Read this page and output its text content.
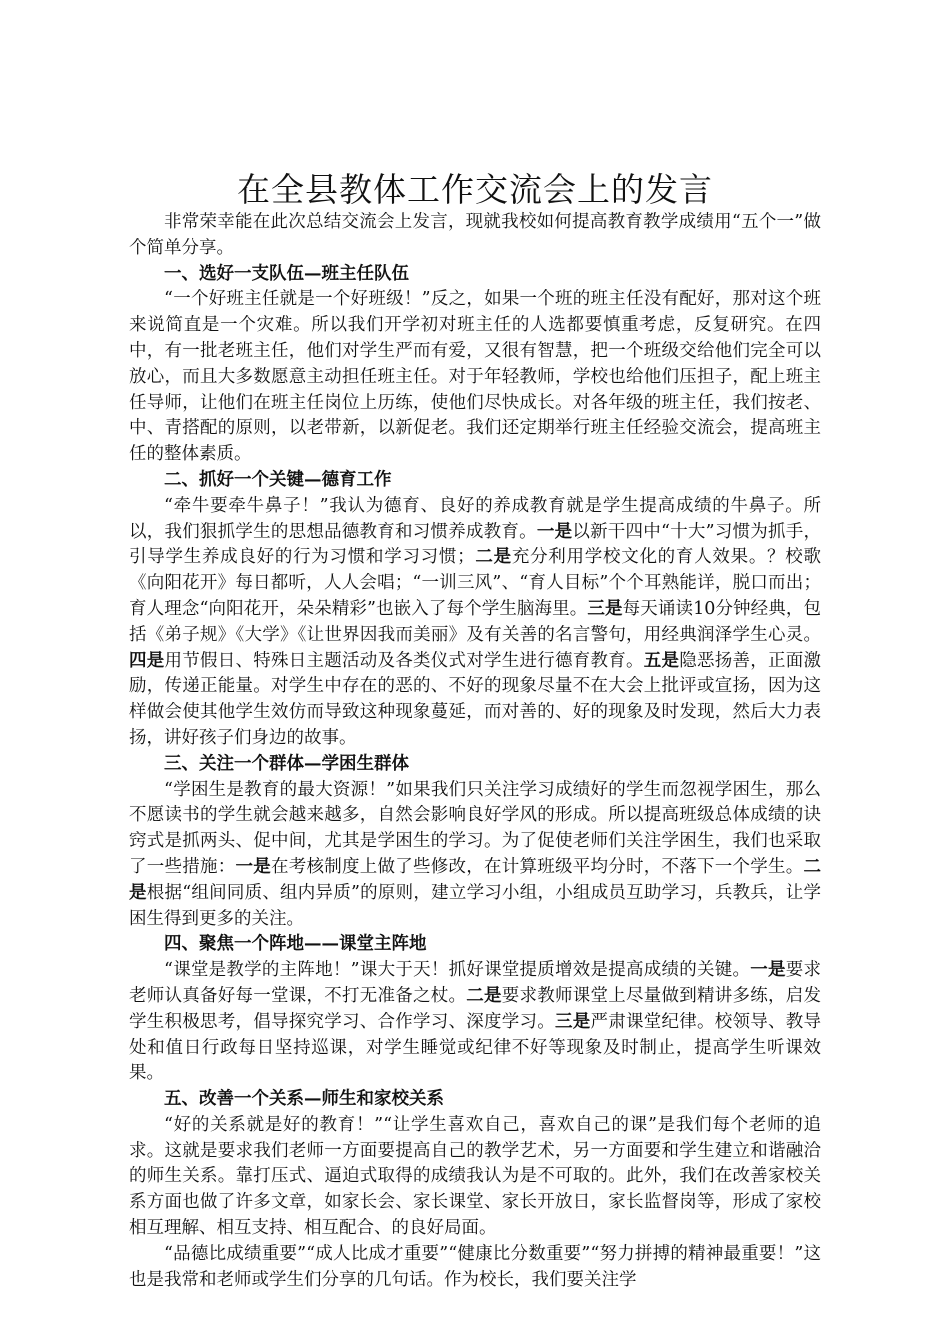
在全县教体工作交流会上的发言

非常荣幸能在此次总结交流会上发言，现就我校如何提高教育教学成绩用“五个一”做个简单分享。

一、选好一支队伍—班主任队伍

“一个好班主任就是一个好班级！”反之，如果一个班的班主任没有配好，那对这个班来说简直是一个灾难。所以我们开学初对班主任的人选都要慎重考虑，反复研究。在四中，有一批老班主任，他们对学生严而有爱，又很有智慧，把一个班级交给他们完全可以放心，而且大多数愿意主动担任班主任。对于年轻教师，学校也给他们压担子，配上班主任导师，让他们在班主任岗位上历练，使他们尽快成长。对各年级的班主任，我们按老、中、青搭配的原则，以老带新，以新促老。我们还定期举行班主任经验交流会，提高班主任的整体素质。

二、抓好一个关键—德育工作

“牵牛要牵牛鼻子！”我认为德育、良好的养成教育就是学生提高成绩的牛鼻子。所以，我们狠抓学生的思想品德教育和习惯养成教育。一是以新干四中“十大”习惯为抓手，引导学生养成良好的行为习惯和学习习惯；二是充分利用学校文化的育人效果。？校歌《向阳花开》每日都听，人人会唱；“一训三风”、“育人目标”个个耳熟能详，脱口而出；育人理念“向阳花开，朵朵精彩”也嵌入了每个学生脑海里。三是每天诵读10分钟经典，包括《弟子规》《大学》《让世界因我而美丽》及有关善的名言警句，用经典润泽学生心灵。四是用节假日、特殊日主题活动及各类仪式对学生进行德育教育。五是隐恶扬善，正面激励，传递正能量。对学生中存在的恶的、不好的现象尽量不在大会上批评或宣扬，因为这样做会使其他学生效仿而导致这种现象蔓延，而对善的、好的现象及时发现，然后大力表扬，讲好孩子们身边的故事。

三、关注一个群体—学困生群体

“学困生是教育的最大资源！”如果我们只关注学习成绩好的学生而忽视学困生，那么不愿读书的学生就会越来越多，自然会影响良好学风的形成。所以提高班级总体成绩的诀窍式是抓两头、促中间，尤其是学困生的学习。为了促使老师们关注学困生，我们也采取了一些措施：一是在考核制度上做了些修改，在计算班级平均分时，不落下一个学生。二是根据“组间同质、组内异质”的原则，建立学习小组，小组成员互助学习，兵教兵，让学困生得到更多的关注。

四、聚焦一个阵地——课堂主阵地

“课堂是教学的主阵地！”课大于天！抓好课堂提质增效是提高成绩的关键。一是要求老师认真备好每一堂课，不打无准备之杖。二是要求教师课堂上尽量做到精讲多练，启发学生积极思考，倡导探究学习、合作学习、深度学习。三是严肃课堂纪律。校领导、教导处和值日行政每日坚持巡课，对学生睡觉或纪律不好等现象及时制止，提高学生听课效果。

五、改善一个关系—师生和家校关系

“好的关系就是好的教育！”“让学生喜欢自己，喜欢自己的课”是我们每个老师的追求。这就是要求我们老师一方面要提高自己的教学艺术，另一方面要和学生建立和谐融洽的师生关系。靠打压式、逼迫式取得的成绩我认为是不可取的。此外，我们在改善家校关系方面也做了许多文章，如家长会、家长课堂、家长开放日，家长监督岗等，形成了家校相互理解、相互支持、相互配合、的良好局面。

“品德比成绩重要”“成人比成才重要”“健康比分数重要”“努力拼搏的精神最重要！”这也是我常和老师或学生们分享的几句话。作为校长，我们要关注学
